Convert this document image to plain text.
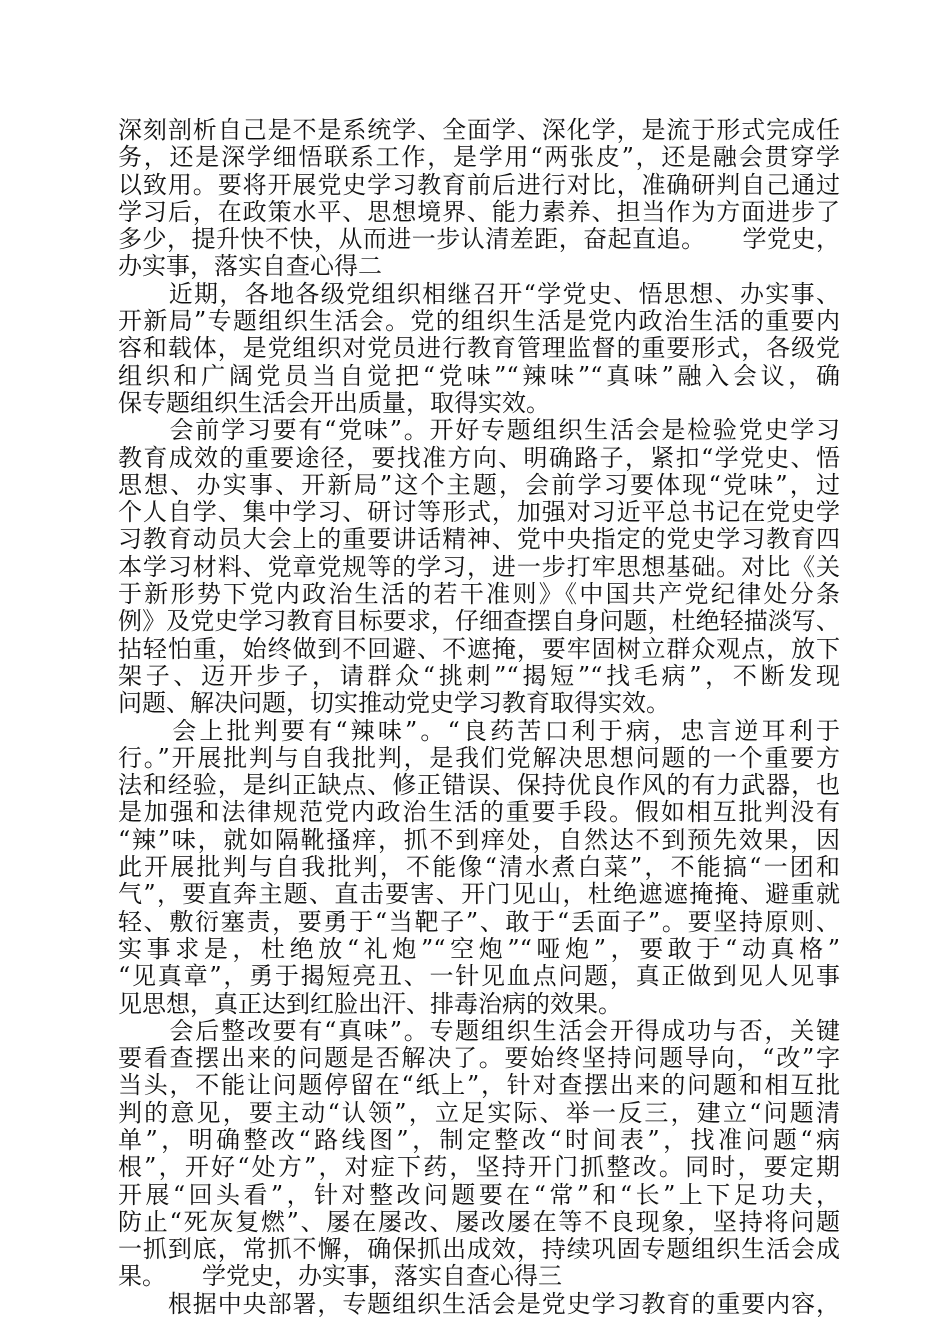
深刻剖析自己是不是系统学、全面学、深化学，是流于形式完成任
务，还是深学细悟联系工作，是学用“两张皮”，还是融会贯穿学
以致用。要将开展党史学习教育前后进行对比，准确研判自己通过
学习后，在政策水平、思想境界、能力素养、担当作为方面进步了
多少，提升快不快，从而进一步认清差距，奋起直追。　　学党史，
办实事，落实自查心得二
　　近期，各地各级党组织相继召开“学党史、悟思想、办实事、
开新局”专题组织生活会。党的组织生活是党内政治生活的重要内
容和载体，是党组织对党员进行教育管理监督的重要形式，各级党
组织和广阔党员当自觉把“党味”“辣味”“真味”融入会议，确
保专题组织生活会开出质量，取得实效。
　　会前学习要有“党味”。开好专题组织生活会是检验党史学习
教育成效的重要途径，要找准方向、明确路子，紧扣“学党史、悟
思想、办实事、开新局”这个主题，会前学习要体现“党味”，过
个人自学、集中学习、研讨等形式，加强对习近平总书记在党史学
习教育动员大会上的重要讲话精神、党中央指定的党史学习教育四
本学习材料、党章党规等的学习，进一步打牢思想基础。对比《关
于新形势下党内政治生活的若干准则》《中国共产党纪律处分条
例》及党史学习教育目标要求，仔细查摆自身问题，杜绝轻描淡写、
拈轻怕重，始终做到不回避、不遮掩，要牢固树立群众观点，放下
架子、迈开步子，请群众“挑刺”“揭短”“找毛病”，不断发现
问题、解决问题，切实推动党史学习教育取得实效。
　　会上批判要有“辣味”。“良药苦口利于病，忠言逆耳利于
行。”开展批判与自我批判，是我们党解决思想问题的一个重要方
法和经验，是纠正缺点、修正错误、保持优良作风的有力武器，也
是加强和法律规范党内政治生活的重要手段。假如相互批判没有
“辣”味，就如隔靴搔痒，抓不到痒处，自然达不到预先效果，因
此开展批判与自我批判，不能像“清水煮白菜”，不能搞“一团和
气”，要直奔主题、直击要害、开门见山，杜绝遮遮掩掩、避重就
轻、敷衍塞责，要勇于“当靶子”、敢于“丢面子”。要坚持原则、
实事求是，杜绝放“礼炮”“空炮”“哑炮”，要敢于“动真格”
“见真章”，勇于揭短亮丑、一针见血点问题，真正做到见人见事
见思想，真正达到红脸出汗、排毒治病的效果。
　　会后整改要有“真味”。专题组织生活会开得成功与否，关键
要看查摆出来的问题是否解决了。要始终坚持问题导向，“改”字
当头，不能让问题停留在“纸上”，针对查摆出来的问题和相互批
判的意见，要主动“认领”，立足实际、举一反三，建立“问题清
单”，明确整改“路线图”，制定整改“时间表”，找准问题“病
根”，开好“处方”，对症下药，坚持开门抓整改。同时，要定期
开展“回头看”，针对整改问题要在“常”和“长”上下足功夫，
防止“死灰复燃”、屡在屡改、屡改屡在等不良现象，坚持将问题
一抓到底，常抓不懈，确保抓出成效，持续巩固专题组织生活会成
果。　　学党史，办实事，落实自查心得三
　　根据中央部署，专题组织生活会是党史学习教育的重要内容，
